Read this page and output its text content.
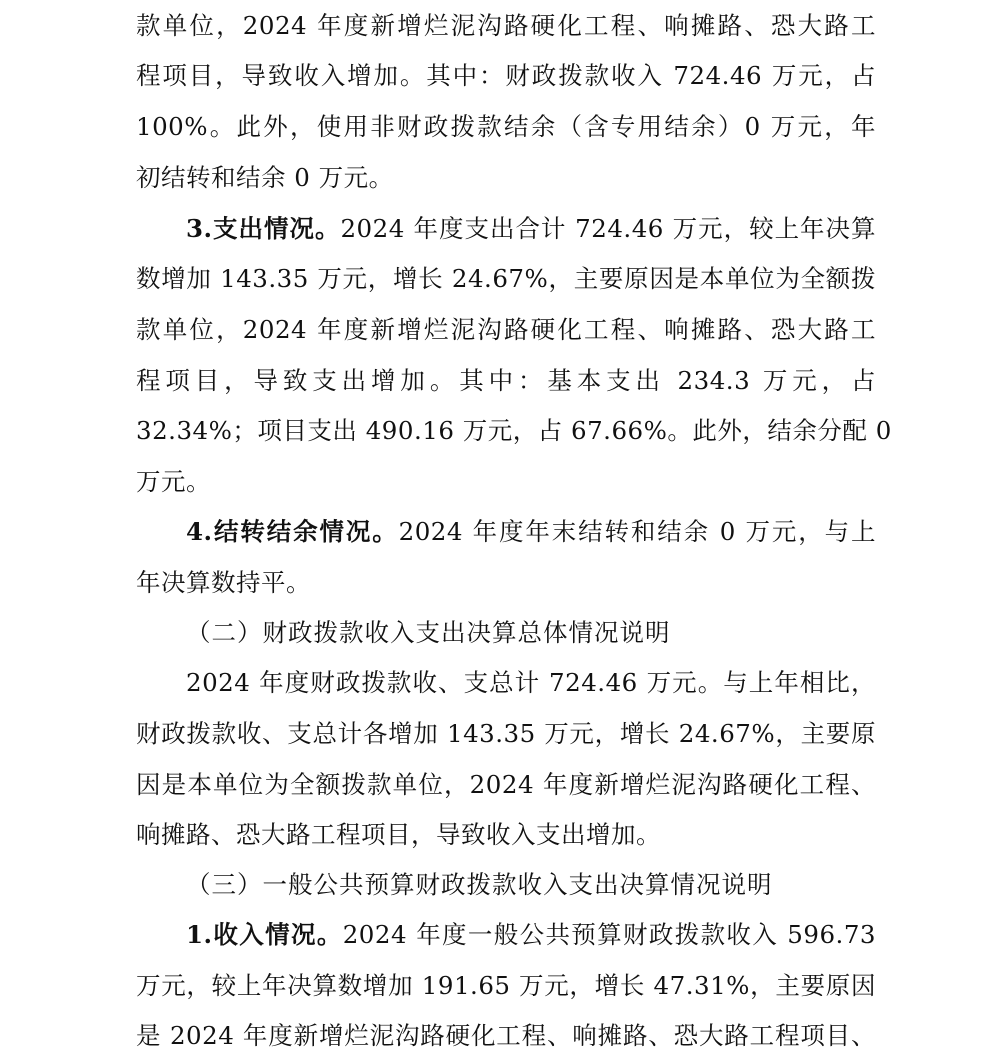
款单位，2024 年度新增烂泥沟路硬化工程、响摊路、恐大路工
程项目，导致收入增加。其中：财政拨款收入 724.46 万元，占
100%。此外，使用非财政拨款结余（含专用结余）0 万元，年
初结转和结余 0 万元。
3.支出情况。2024 年度支出合计 724.46 万元，较上年决算
数增加 143.35 万元，增长 24.67%，主要原因是本单位为全额拨
款单位，2024 年度新增烂泥沟路硬化工程、响摊路、恐大路工
程项目，导致支出增加。其中：基本支出 234.3 万元，占
32.34%；项目支出 490.16 万元，占 67.66%。此外，结余分配 0
万元。
4.结转结余情况。2024 年度年末结转和结余 0 万元，与上
年决算数持平。
（二）财政拨款收入支出决算总体情况说明
2024 年度财政拨款收、支总计 724.46 万元。与上年相比，
财政拨款收、支总计各增加 143.35 万元，增长 24.67%，主要原
因是本单位为全额拨款单位，2024 年度新增烂泥沟路硬化工程、
响摊路、恐大路工程项目，导致收入支出增加。
（三）一般公共预算财政拨款收入支出决算情况说明
1.收入情况。2024 年度一般公共预算财政拨款收入 596.73
万元，较上年决算数增加 191.65 万元，增长 47.31%，主要原因
是 2024 年度新增烂泥沟路硬化工程、响摊路、恐大路工程项目、
